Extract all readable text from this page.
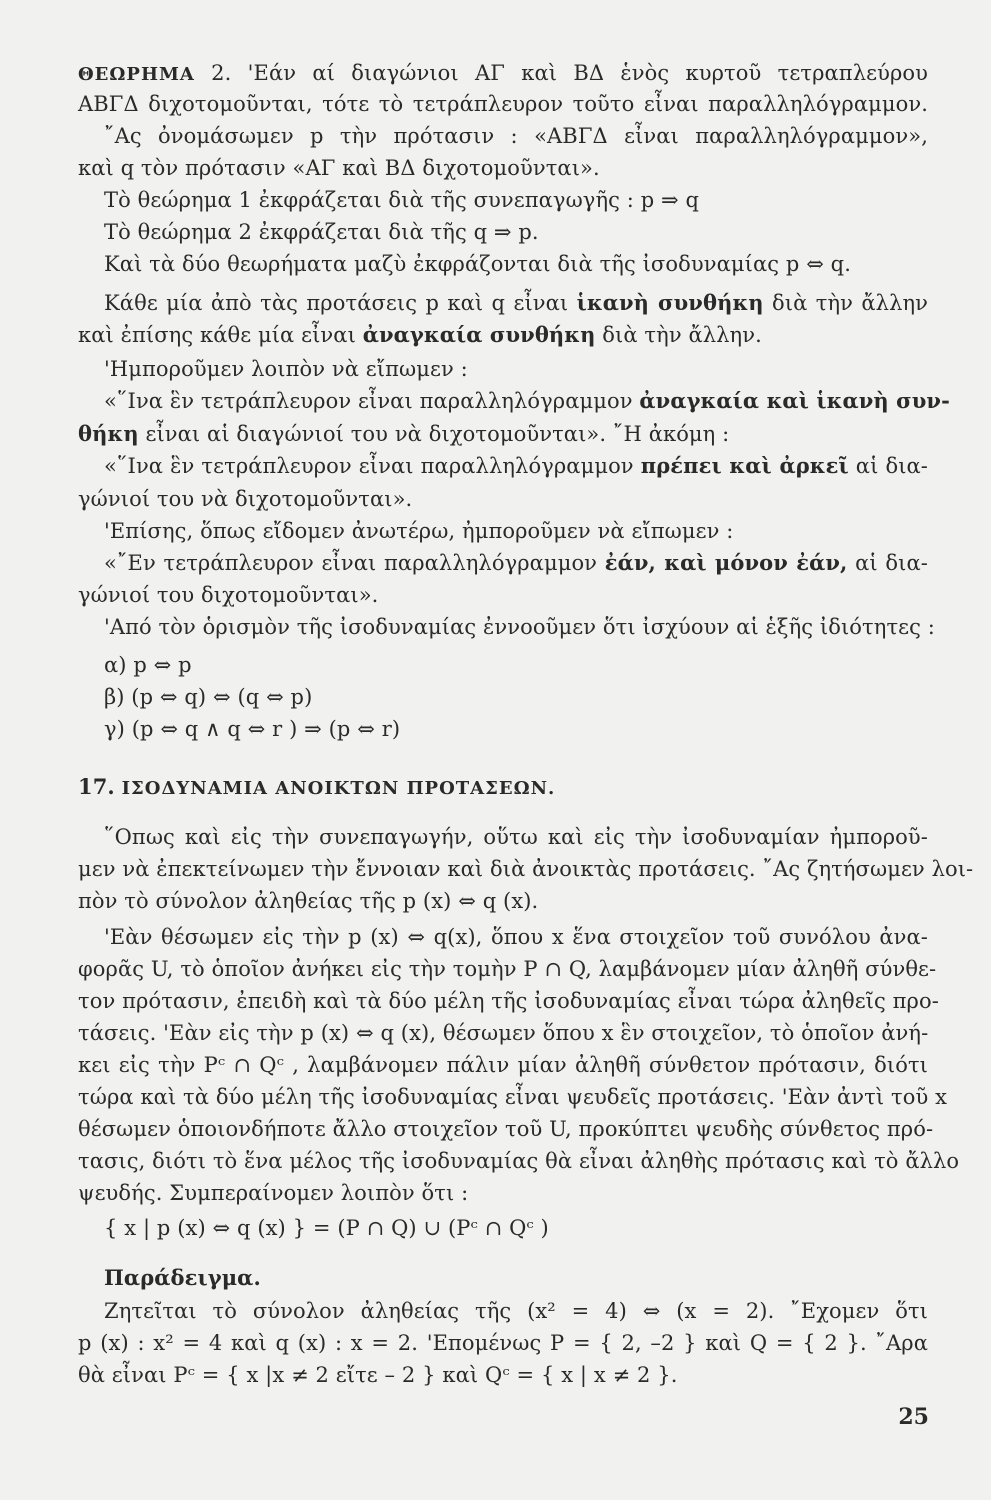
ΘΕΩΡΗΜΑ 2. 'Εάν αί διαγώνιοι ΑΓ καὶ ΒΔ ἑνὸς κυρτοῦ τετραπλεύρου
ΑΒΓΔ διχοτομοῦνται, τότε τὸ τετράπλευρον τοῦτο εἶναι παραλληλόγραμμον.
῎Ας ὀνομάσωμεν p τὴν πρότασιν : «ΑΒΓΔ εἶναι παραλληλόγραμμον»,
καὶ q τὸν πρότασιν «ΑΓ καὶ ΒΔ διχοτομοῦνται».
Τὸ θεώρημα 1 ἐκφράζεται διὰ τῆς συνεπαγωγῆς : p ⇒ q
Τὸ θεώρημα 2 ἐκφράζεται διὰ τῆς q ⇒ p.
Καὶ τὰ δύο θεωρήματα μαζὺ ἐκφράζονται διὰ τῆς ἰσοδυναμίας p ⇔ q.
Κάθε μία ἀπὸ τὰς προτάσεις p καὶ q εἶναι ἱκανὴ συνθήκη διὰ τὴν ἄλλην
καὶ ἐπίσης κάθε μία εἶναι ἀναγκαία συνθήκη διὰ τὴν ἄλλην.
'Ημποροῦμεν λοιπὸν νὰ εἴπωμεν :
«῞Ινα ἓν τετράπλευρον εἶναι παραλληλόγραμμον ἀναγκαία καὶ ἱκανὴ συν-
θήκη εἶναι αἱ διαγώνιοί του νὰ διχοτομοῦνται». ῎Η ἀκόμη :
«῞Ινα ἓν τετράπλευρον εἶναι παραλληλόγραμμον πρέπει καὶ ἀρκεῖ αἱ δια-
γώνιοί του νὰ διχοτομοῦνται».
'Επίσης, ὅπως εἴδομεν ἀνωτέρω, ἠμποροῦμεν νὰ εἴπωμεν :
«῎Εν τετράπλευρον εἶναι παραλληλόγραμμον ἐάν, καὶ μόνον ἐάν, αἱ δια-
γώνιοί του διχοτομοῦνται».
'Από τὸν ὁρισμὸν τῆς ἰσοδυναμίας ἐννοοῦμεν ὅτι ἰσχύουν αἱ ἑξῆς ἰδιότητες :
α) p ⇔ p
β) (p ⇔ q) ⇔ (q ⇔ p)
γ) (p ⇔ q ∧ q ⇔ r ) ⇒ (p ⇔ r)
17. ΙΣΟΔΥΝΑΜΙΑ ΑΝΟΙΚΤΩΝ ΠΡΟΤΑΣΕΩΝ.
῞Οπως καὶ εἰς τὴν συνεπαγωγήν, οὕτω καὶ εἰς τὴν ἰσοδυναμίαν ἠμποροῦ-
μεν νὰ ἐπεκτείνωμεν τὴν ἔννοιαν καὶ διὰ ἀνοικτὰς προτάσεις. ῎Ας ζητήσωμεν λοι-
πὸν τὸ σύνολον ἀληθείας τῆς p (x) ⇔ q (x).
'Εὰν θέσωμεν εἰς τὴν p (x) ⇔ q(x), ὅπου x ἕνα στοιχεῖον τοῦ συνόλου ἀνα-
φορᾶς U, τὸ ὁποῖον ἀνήκει εἰς τὴν τομὴν P ∩ Q, λαμβάνομεν μίαν ἀληθῆ σύνθε-
τον πρότασιν, ἐπειδὴ καὶ τὰ δύο μέλη τῆς ἰσοδυναμίας εἶναι τώρα ἀληθεῖς προ-
τάσεις. 'Εὰν εἰς τὴν p (x) ⇔ q (x), θέσωμεν ὅπου x ἓν στοιχεῖον, τὸ ὁποῖον ἀνή-
κει εἰς τὴν Pᶜ ∩ Qᶜ , λαμβάνομεν πάλιν μίαν ἀληθῆ σύνθετον πρότασιν, διότι
τώρα καὶ τὰ δύο μέλη τῆς ἰσοδυναμίας εἶναι ψευδεῖς προτάσεις. 'Εὰν ἀντὶ τοῦ x
θέσωμεν ὁποιονδήποτε ἄλλο στοιχεῖον τοῦ U, προκύπτει ψευδὴς σύνθετος πρό-
τασις, διότι τὸ ἕνα μέλος τῆς ἰσοδυναμίας θὰ εἶναι ἀληθὴς πρότασις καὶ τὸ ἄλλο
ψευδής. Συμπεραίνομεν λοιπὸν ὅτι :
{ x | p (x) ⇔ q (x) } = (P ∩ Q) ∪ (Pᶜ ∩ Qᶜ )
Παράδειγμα.
Ζητεῖται τὸ σύνολον ἀληθείας τῆς (x² = 4) ⇔ (x = 2). ῎Εχομεν ὅτι
p (x) : x² = 4 καὶ q (x) : x = 2. 'Επομένως P = { 2, –2 } καὶ Q = { 2 }. ῎Αρα
θὰ εἶναι Pᶜ = { x |x ≠ 2 εἴτε – 2 } καὶ Qᶜ = { x | x ≠ 2 }.
25
